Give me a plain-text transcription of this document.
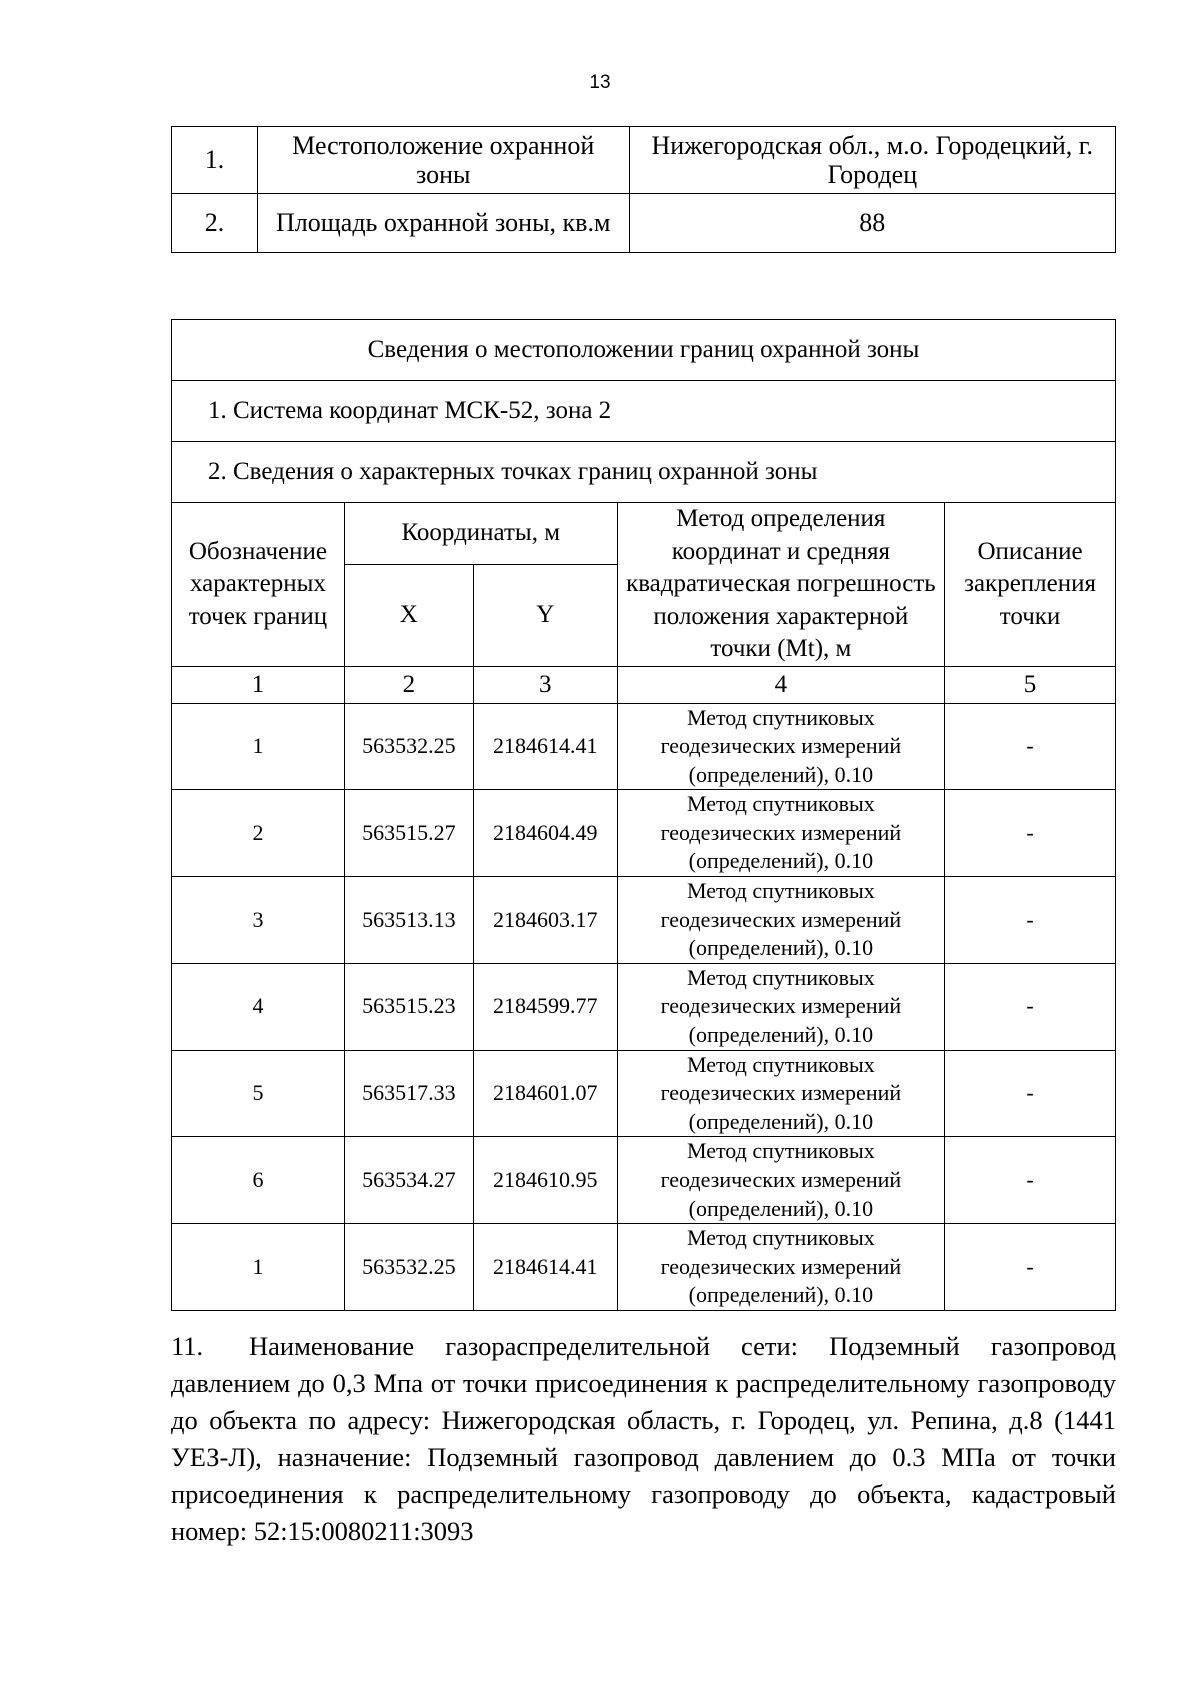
13
1.	Местоположение охранной зоны	Нижегородская обл., м.о. Городецкий, г. Городец
2.	Площадь охранной зоны, кв.м	88
Сведения о местоположении границ охранной зоны				
1. Система координат МСК-52, зона 2				
2. Сведения о характерных точках границ охранной зоны				
Обозначение характерных точек границ	Координаты, м		Метод определения координат и средняя квадратическая погрешность положения характерной точки (Mt), м	Описание закрепления точки
	X	Y		
1	2	3	4	5
1	563532.25	2184614.41	Метод спутниковых геодезических измерений (определений), 0.10	-
2	563515.27	2184604.49	Метод спутниковых геодезических измерений (определений), 0.10	-
3	563513.13	2184603.17	Метод спутниковых геодезических измерений (определений), 0.10	-
4	563515.23	2184599.77	Метод спутниковых геодезических измерений (определений), 0.10	-
5	563517.33	2184601.07	Метод спутниковых геодезических измерений (определений), 0.10	-
6	563534.27	2184610.95	Метод спутниковых геодезических измерений (определений), 0.10	-
1	563532.25	2184614.41	Метод спутниковых геодезических измерений (определений), 0.10	-

11. Наименование газораспределительной сети: Подземный газопровод давлением до 0,3 Мпа от точки присоединения к распределительному газопроводу до объекта по адресу: Нижегородская область, г. Городец, ул. Репина, д.8 (1441 УЕЗ-Л), назначение: Подземный газопровод давлением до 0.3 МПа от точки присоединения к распределительному газопроводу до объекта, кадастровый номер: 52:15:0080211:3093
